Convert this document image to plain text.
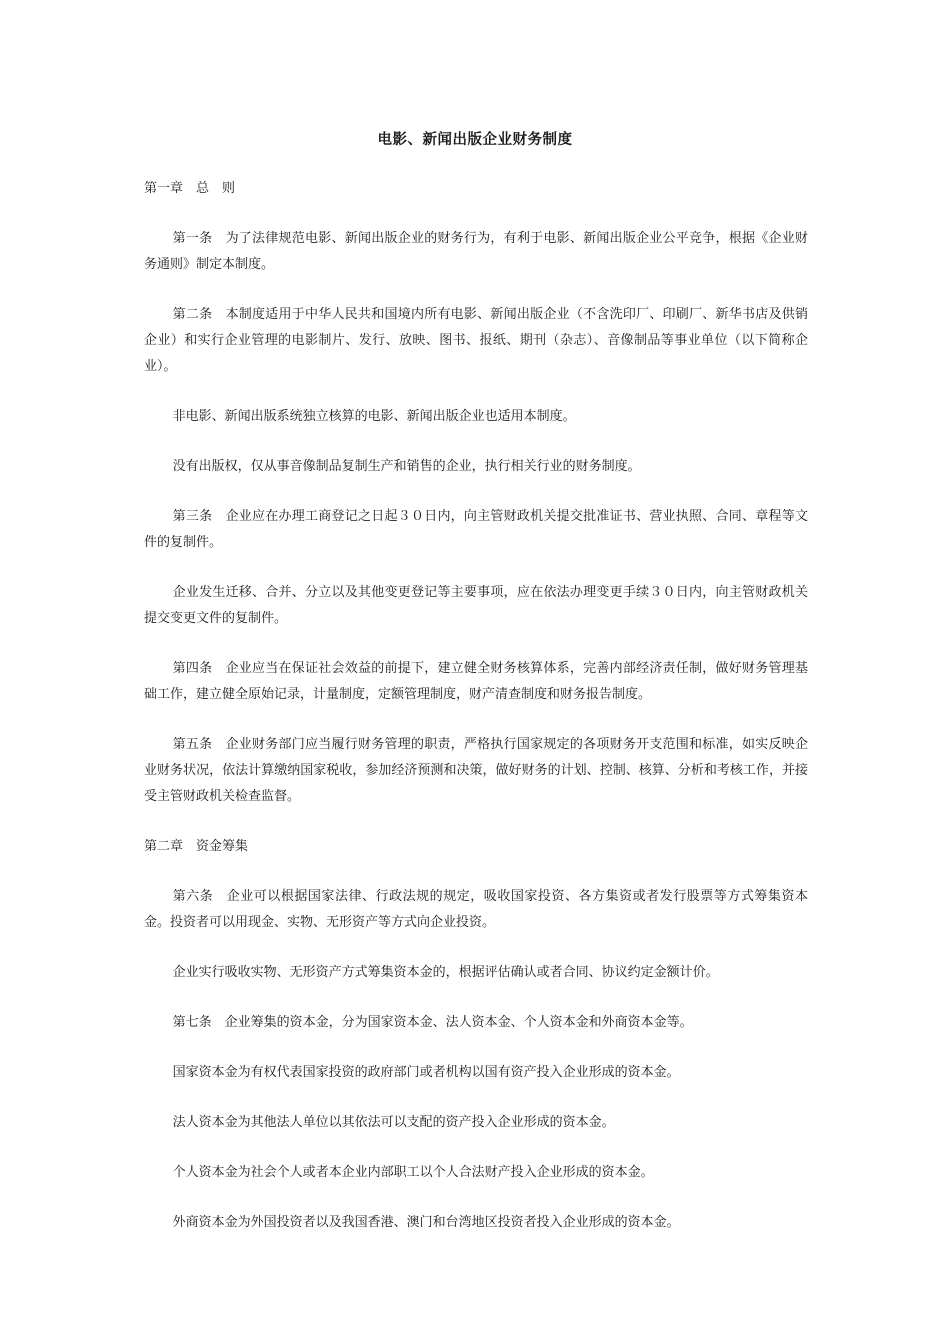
电影、新闻出版企业财务制度

第一章　总　则

第一条　为了法律规范电影、新闻出版企业的财务行为，有利于电影、新闻出版企业公平竞争，根据《企业财务通则》制定本制度。

第二条　本制度适用于中华人民共和国境内所有电影、新闻出版企业（不含洗印厂、印刷厂、新华书店及供销企业）和实行企业管理的电影制片、发行、放映、图书、报纸、期刊（杂志）、音像制品等事业单位（以下简称企业）。

非电影、新闻出版系统独立核算的电影、新闻出版企业也适用本制度。

没有出版权，仅从事音像制品复制生产和销售的企业，执行相关行业的财务制度。

第三条　企业应在办理工商登记之日起３０日内，向主管财政机关提交批准证书、营业执照、合同、章程等文件的复制件。

企业发生迁移、合并、分立以及其他变更登记等主要事项，应在依法办理变更手续３０日内，向主管财政机关提交变更文件的复制件。

第四条　企业应当在保证社会效益的前提下，建立健全财务核算体系，完善内部经济责任制，做好财务管理基础工作，建立健全原始记录，计量制度，定额管理制度，财产清查制度和财务报告制度。

第五条　企业财务部门应当履行财务管理的职责，严格执行国家规定的各项财务开支范围和标准，如实反映企业财务状况，依法计算缴纳国家税收，参加经济预测和决策，做好财务的计划、控制、核算、分析和考核工作，并接受主管财政机关检查监督。

第二章　资金筹集

第六条　企业可以根据国家法律、行政法规的规定，吸收国家投资、各方集资或者发行股票等方式筹集资本金。投资者可以用现金、实物、无形资产等方式向企业投资。

企业实行吸收实物、无形资产方式筹集资本金的，根据评估确认或者合同、协议约定金额计价。

第七条　企业筹集的资本金，分为国家资本金、法人资本金、个人资本金和外商资本金等。

国家资本金为有权代表国家投资的政府部门或者机构以国有资产投入企业形成的资本金。

法人资本金为其他法人单位以其依法可以支配的资产投入企业形成的资本金。

个人资本金为社会个人或者本企业内部职工以个人合法财产投入企业形成的资本金。

外商资本金为外国投资者以及我国香港、澳门和台湾地区投资者投入企业形成的资本金。
